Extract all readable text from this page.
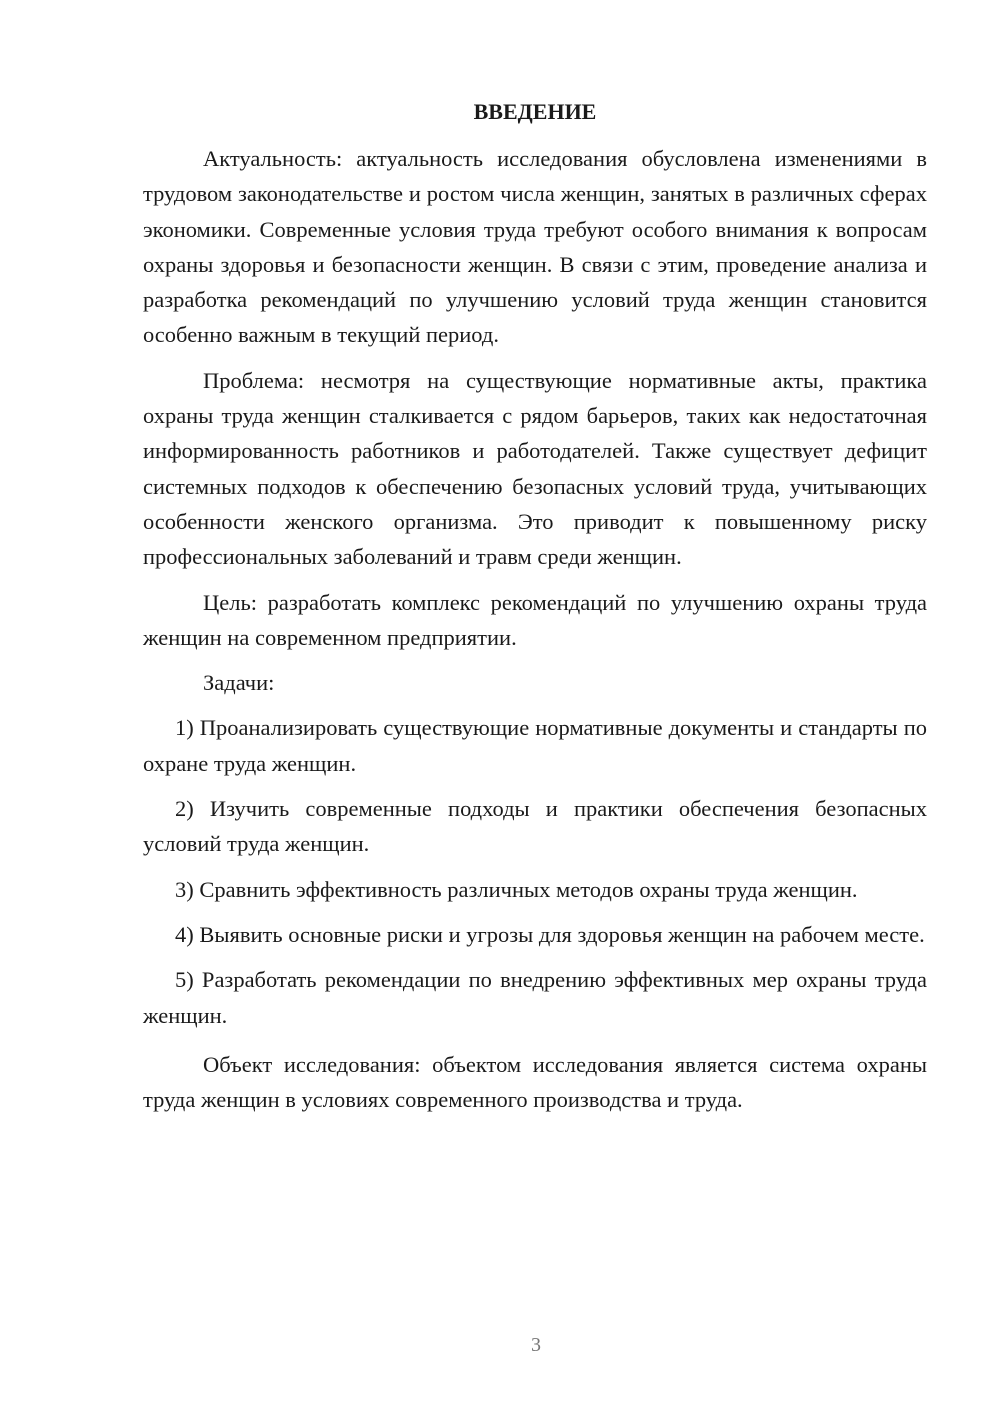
ВВЕДЕНИЕ

Актуальность: актуальность исследования обусловлена изменениями в трудовом законодательстве и ростом числа женщин, занятых в различных сферах экономики. Современные условия труда требуют особого внимания к вопросам охраны здоровья и безопасности женщин. В связи с этим, проведение анализа и разработка рекомендаций по улучшению условий труда женщин становится особенно важным в текущий период.

Проблема: несмотря на существующие нормативные акты, практика охраны труда женщин сталкивается с рядом барьеров, таких как недостаточная информированность работников и работодателей. Также существует дефицит системных подходов к обеспечению безопасных условий труда, учитывающих особенности женского организма. Это приводит к повышенному риску профессиональных заболеваний и травм среди женщин.

Цель: разработать комплекс рекомендаций по улучшению охраны труда женщин на современном предприятии.

Задачи:

1) Проанализировать существующие нормативные документы и стандарты по охране труда женщин.
2) Изучить современные подходы и практики обеспечения безопасных условий труда женщин.
3) Сравнить эффективность различных методов охраны труда женщин.
4) Выявить основные риски и угрозы для здоровья женщин на рабочем месте.
5) Разработать рекомендации по внедрению эффективных мер охраны труда женщин.

Объект исследования: объектом исследования является система охраны труда женщин в условиях современного производства и труда.

3
